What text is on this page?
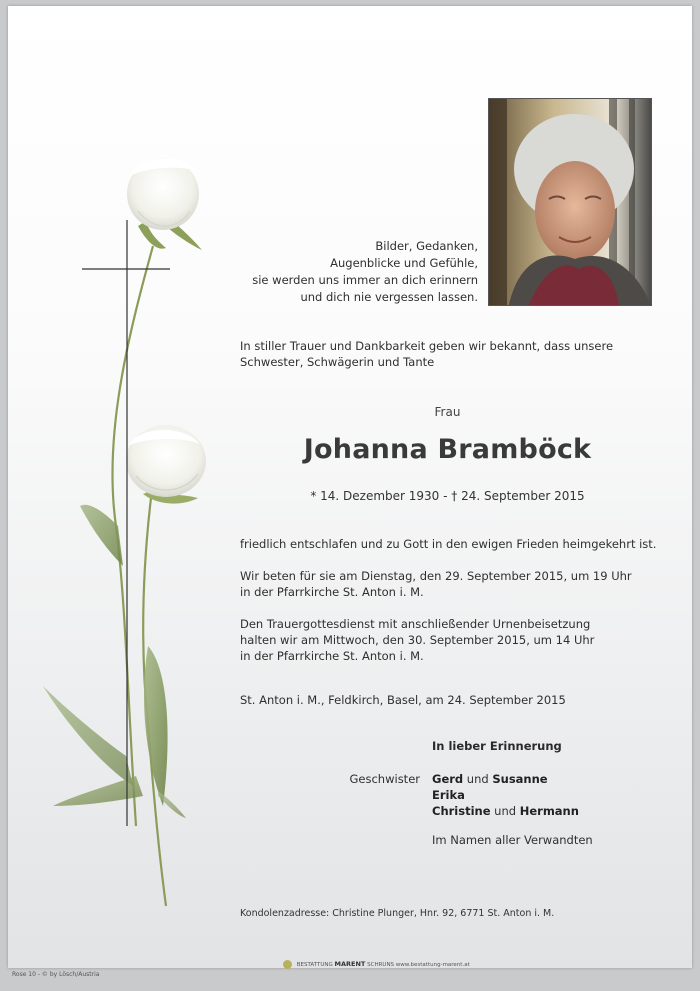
Bilder, Gedanken,
Augenblicke und Gefühle,
sie werden uns immer an dich erinnern
und dich nie vergessen lassen.
In stiller Trauer und Dankbarkeit geben wir bekannt, dass unsere Schwester, Schwägerin und Tante
Frau
Johanna Bramböck
* 14. Dezember 1930 - † 24. September 2015
friedlich entschlafen und zu Gott in den ewigen Frieden heimgekehrt ist.
Wir beten für sie am Dienstag, den 29. September 2015, um 19 Uhr
in der Pfarrkirche St. Anton i. M.
Den Trauergottesdienst mit anschließender Urnenbeisetzung
halten wir am Mittwoch, den 30. September 2015, um 14 Uhr
in der Pfarrkirche St. Anton i. M.
St. Anton i. M., Feldkirch, Basel, am 24. September 2015
In lieber Erinnerung
Geschwister Gerd und Susanne
Erika
Christine und Hermann
Im Namen aller Verwandten
Kondolenzadresse: Christine Plunger, Hnr. 92, 6771 St. Anton i. M.
BESTATTUNG MARENT SCHRUNS www.bestattung-marent.at
Rose 10 - © by Lösch/Austria
